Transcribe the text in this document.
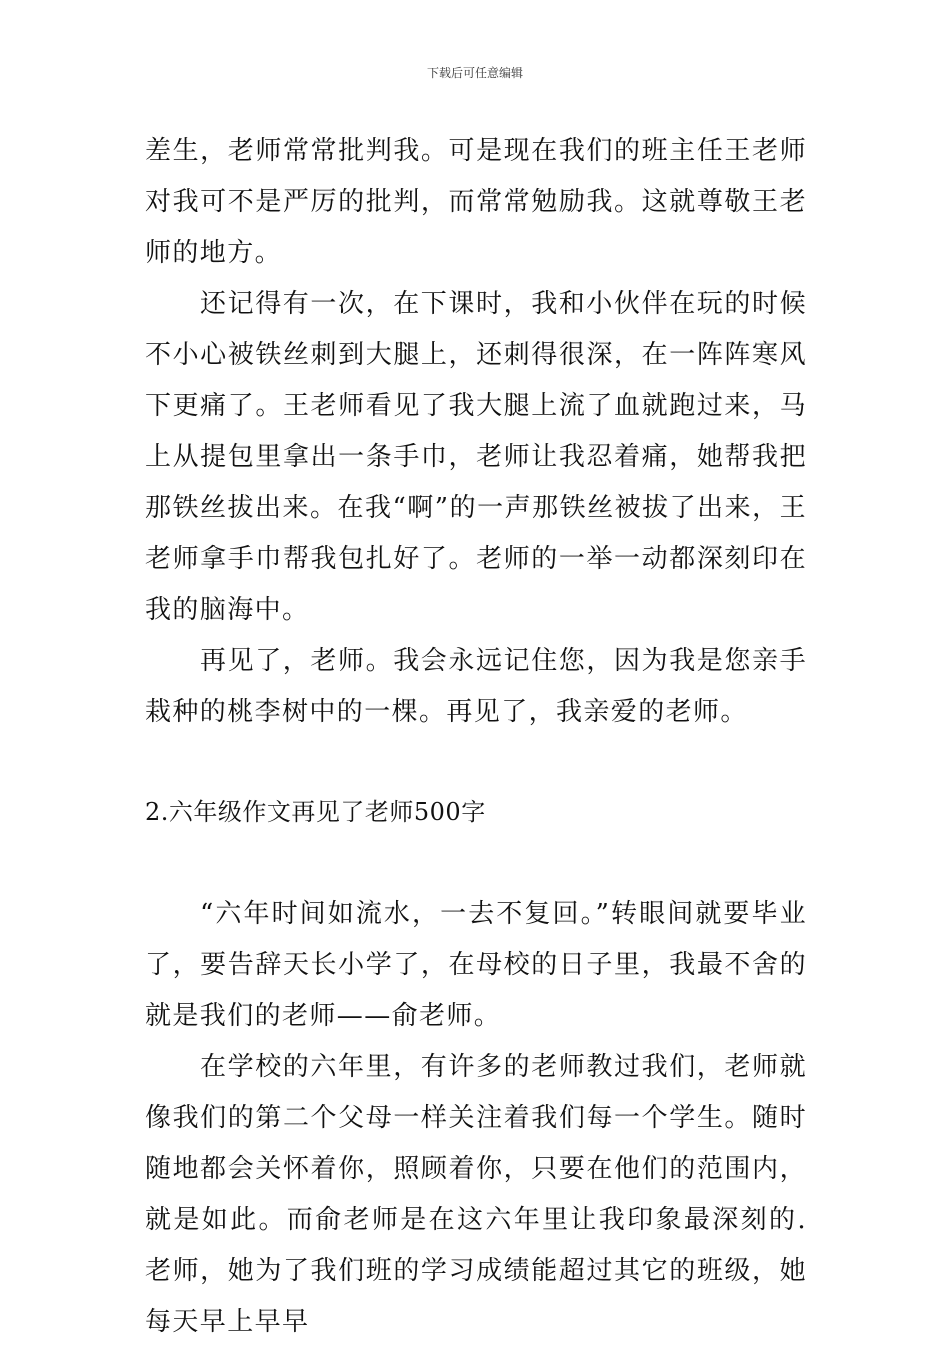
下载后可任意编辑

差生，老师常常批判我。可是现在我们的班主任王老师对我可不是严厉的批判，而常常勉励我。这就尊敬王老师的地方。

还记得有一次，在下课时，我和小伙伴在玩的时候不小心被铁丝刺到大腿上，还刺得很深，在一阵阵寒风下更痛了。王老师看见了我大腿上流了血就跑过来，马上从提包里拿出一条手巾，老师让我忍着痛，她帮我把那铁丝拔出来。在我“啊”的一声那铁丝被拔了出来，王老师拿手巾帮我包扎好了。老师的一举一动都深刻印在我的脑海中。

再见了，老师。我会永远记住您，因为我是您亲手栽种的桃李树中的一棵。再见了，我亲爱的老师。

2.六年级作文再见了老师500字

“六年时间如流水，一去不复回。”转眼间就要毕业了，要告辞天长小学了，在母校的日子里，我最不舍的就是我们的老师——俞老师。

在学校的六年里，有许多的老师教过我们，老师就像我们的第二个父母一样关注着我们每一个学生。随时随地都会关怀着你，照顾着你，只要在他们的范围内，就是如此。而俞老师是在这六年里让我印象最深刻的.老师，她为了我们班的学习成绩能超过其它的班级，她每天早上早早
